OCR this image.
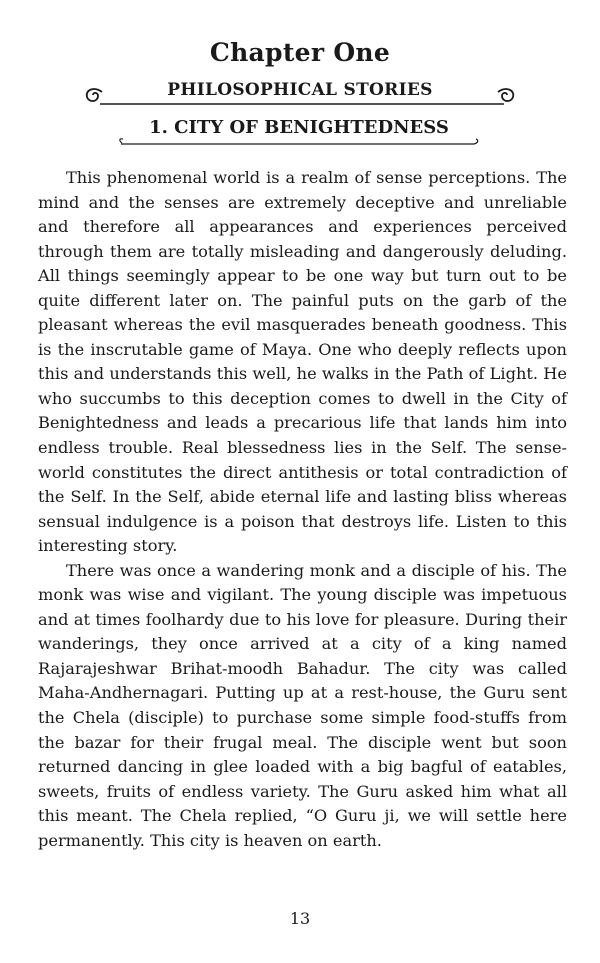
Chapter One
PHILOSOPHICAL STORIES
1. CITY OF BENIGHTEDNESS

This phenomenal world is a realm of sense perceptions. The mind and the senses are extremely deceptive and unreliable and therefore all appearances and experiences perceived through them are totally misleading and dangerously deluding. All things seemingly appear to be one way but turn out to be quite different later on. The painful puts on the garb of the pleasant whereas the evil masquerades beneath goodness. This is the inscrutable game of Maya. One who deeply reflects upon this and understands this well, he walks in the Path of Light. He who succumbs to this deception comes to dwell in the City of Benightedness and leads a precarious life that lands him into endless trouble. Real blessedness lies in the Self. The sense-world constitutes the direct antithesis or total contradiction of the Self. In the Self, abide eternal life and lasting bliss whereas sensual indulgence is a poison that destroys life. Listen to this interesting story.

There was once a wandering monk and a disciple of his. The monk was wise and vigilant. The young disciple was impetuous and at times foolhardy due to his love for pleasure. During their wanderings, they once arrived at a city of a king named Rajarajeshwar Brihat-moodh Bahadur. The city was called Maha-Andhernagari. Putting up at a rest-house, the Guru sent the Chela (disciple) to purchase some simple food-stuffs from the bazar for their frugal meal. The disciple went but soon returned dancing in glee loaded with a big bagful of eatables, sweets, fruits of endless variety. The Guru asked him what all this meant. The Chela replied, “O Guru ji, we will settle here permanently. This city is heaven on earth.

13
